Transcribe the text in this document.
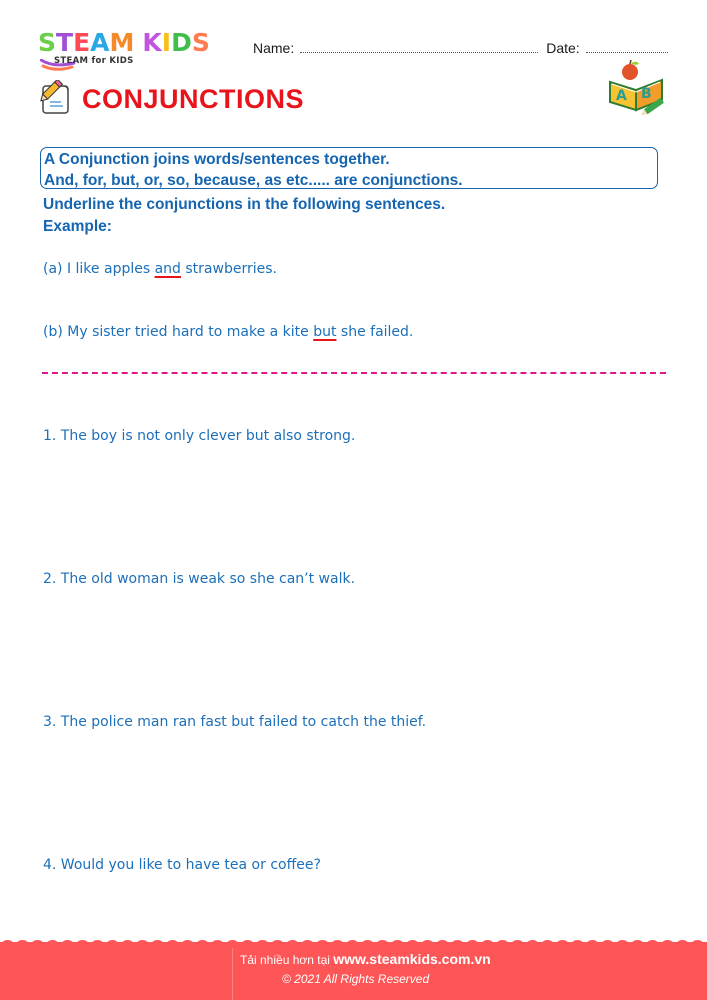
STEAM KIDS
STEAM for KIDS
Name:	Date:
CONJUNCTIONS	A B
A Conjunction joins words/sentences together.
And, for, but, or, so, because, as etc..... are conjunctions.
Underline the conjunctions in the following sentences.
Example:
(a) I like apples and strawberries.
(b) My sister tried hard to make a kite but she failed.
1. The boy is not only clever but also strong.
2. The old woman is weak so she can’t walk.
3. The police man ran fast but failed to catch the thief.
4. Would you like to have tea or coffee?
Tải nhiều hơn tại www.steamkids.com.vn
© 2021 All Rights Reserved
